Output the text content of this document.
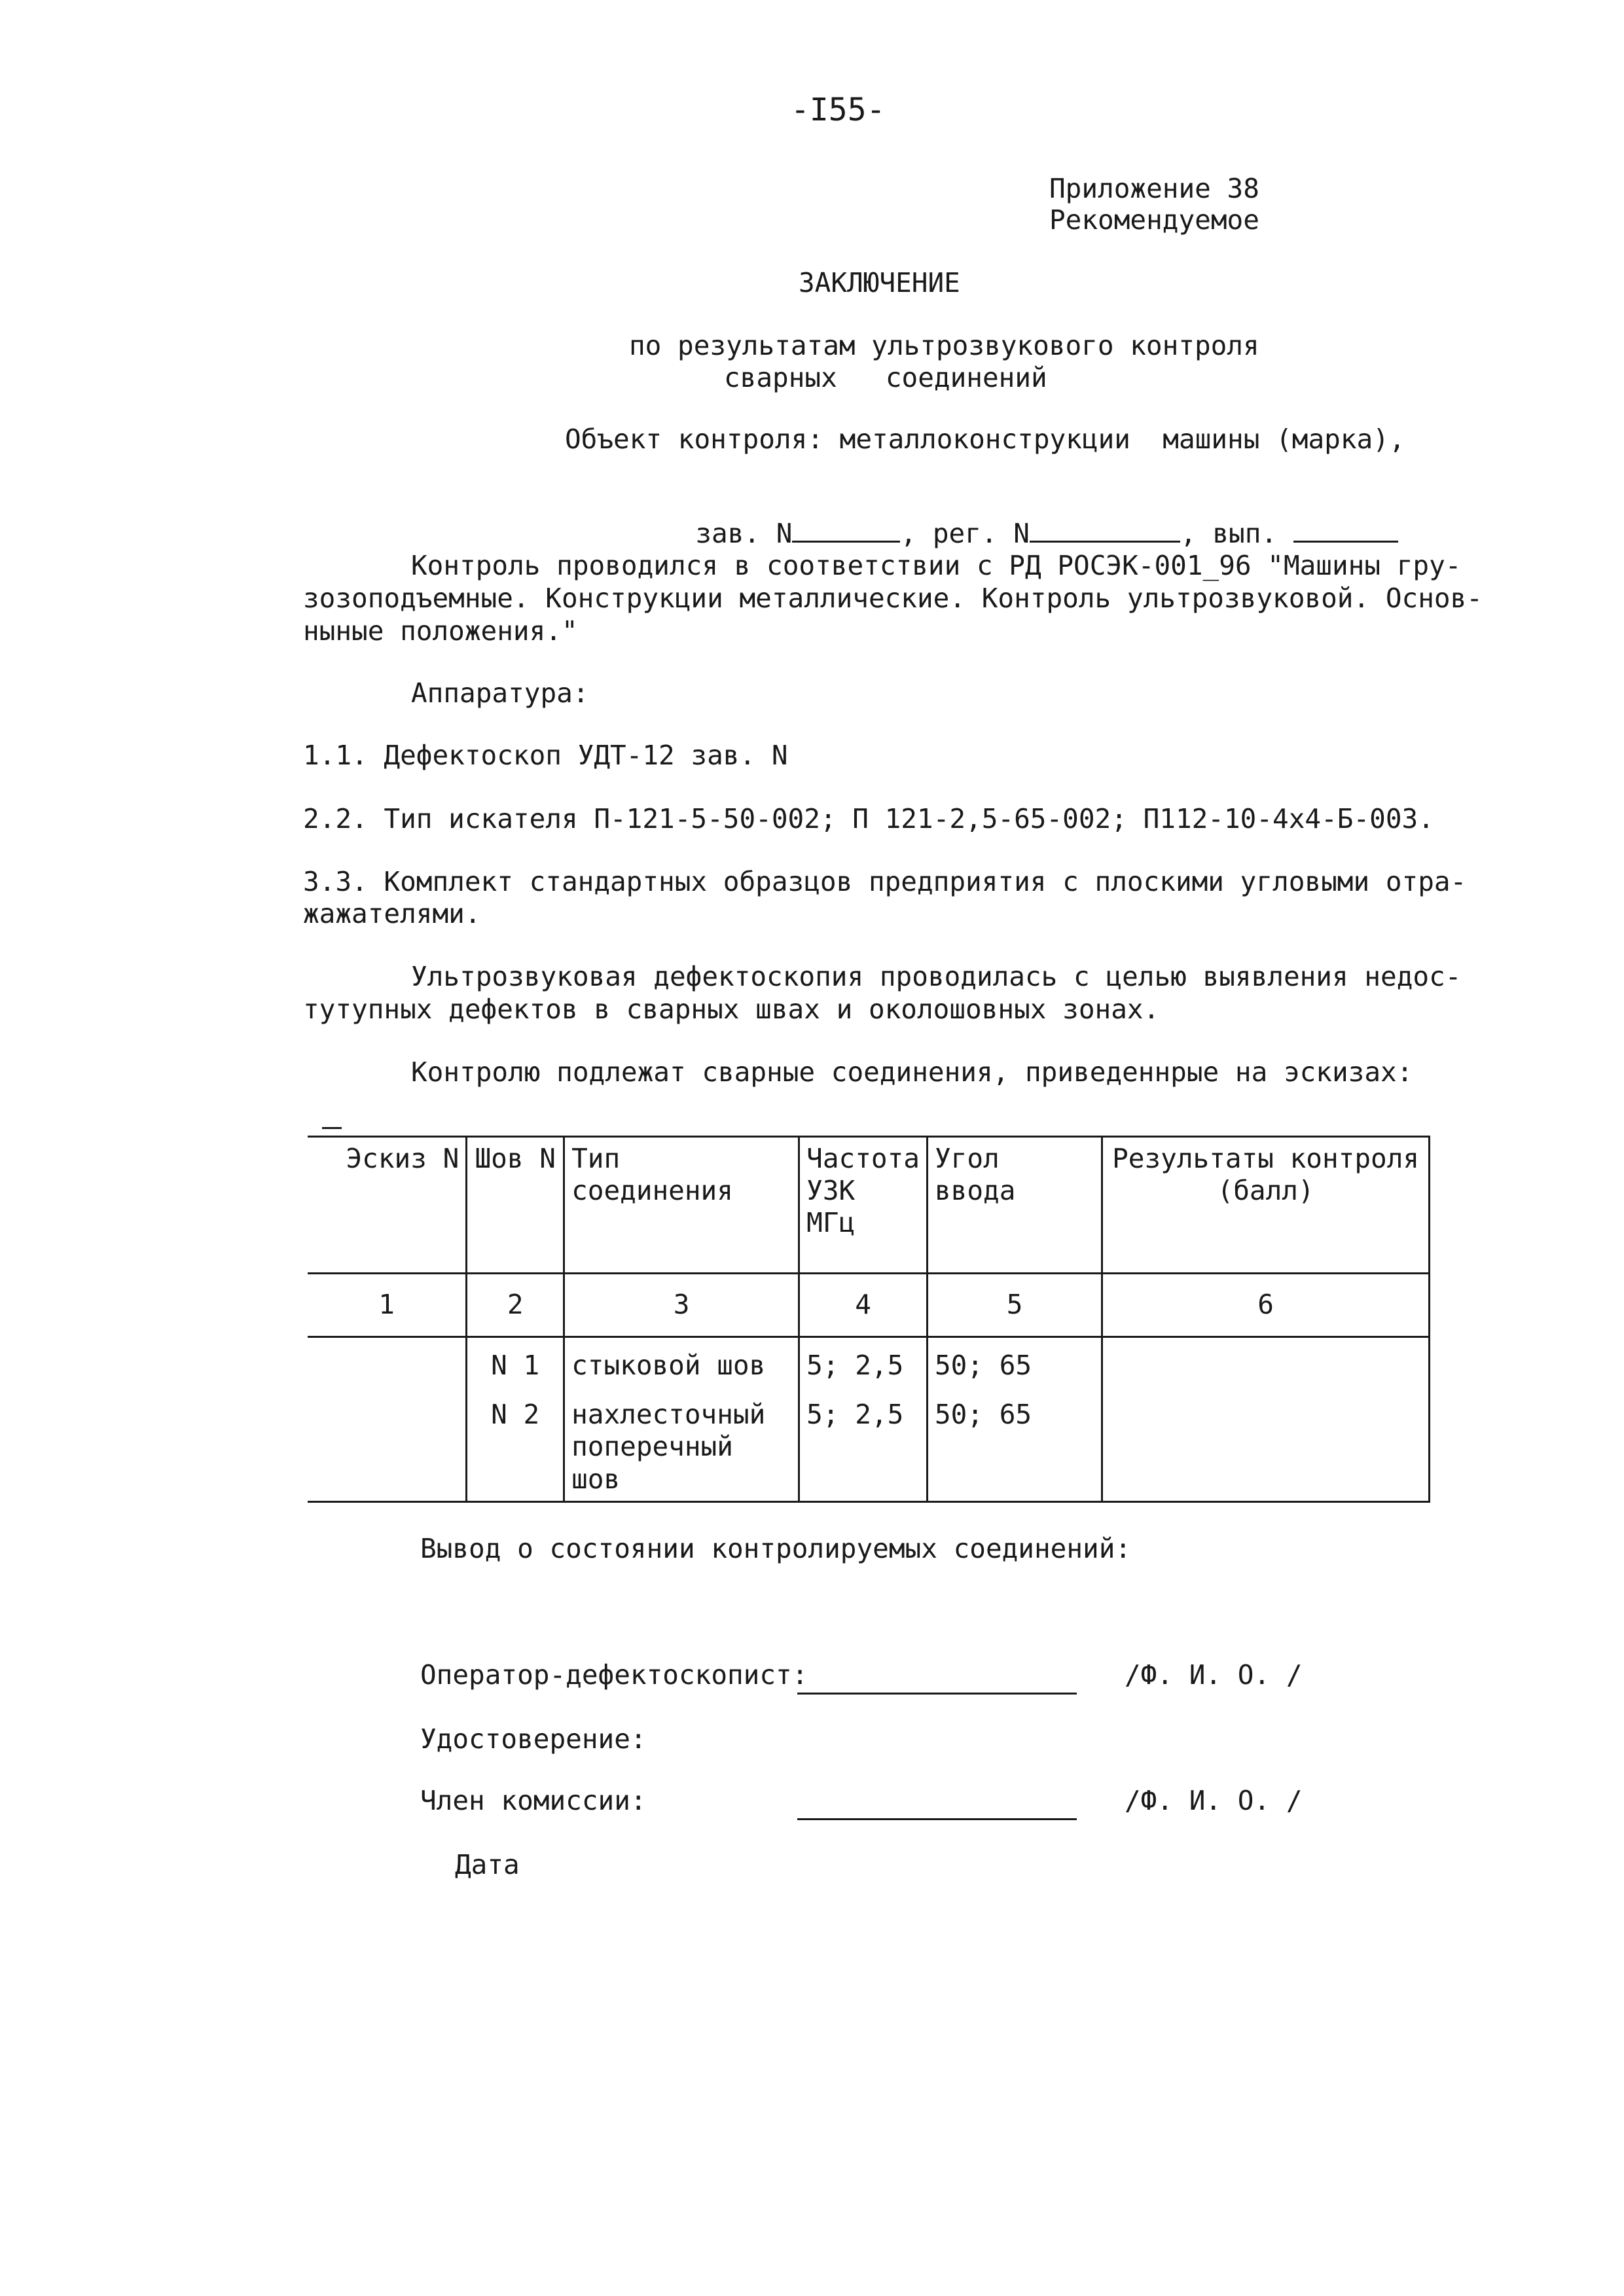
-I55-
Приложение 38
Рекомендуемое
ЗАКЛЮЧЕНИЕ
по результатам ультрозвукового контроля
сварных   соединений
Объект контроля: металлоконструкции  машины (марка),

зав. N	, рег. N	, вып.

Контроль проводился в соответствии с РД РОСЭК-001_96 "Машины гру-
зозоподъемные. Конструкции металлические. Контроль ультрозвуковой. Основ-
ныные положения."
Аппаратура:
1.1. Дефектоскоп УДТ-12 зав. N
2.2. Тип искателя П-121-5-50-002; П 121-2,5-65-002; П112-10-4х4-Б-003.
3.3. Комплект стандартных образцов предприятия с плоскими угловыми отра-
жажателями.
Ультрозвуковая дефектоскопия проводилась с целью выявления недос-
тутупных дефектов в сварных швах и околошовных зонах.
Контролю подлежат сварные соединения, приведеннрые на эскизах:
Эскиз N	Шов N	Тип соединения	Частота
УЗК
МГц	Угол ввода	Результаты контроля
(балл)
1	2	3	4	5	6
	N 1	стыковой шов	5; 2,5	50; 65	
	N 2	нахлесточный
поперечный шов	5; 2,5	50; 65	
Вывод о состоянии контролируемых соединений:
Оператор-дефектоскопист:	/Ф. И. О. /
Удостоверение:
Член комиссии:	/Ф. И. О. /
Дата
